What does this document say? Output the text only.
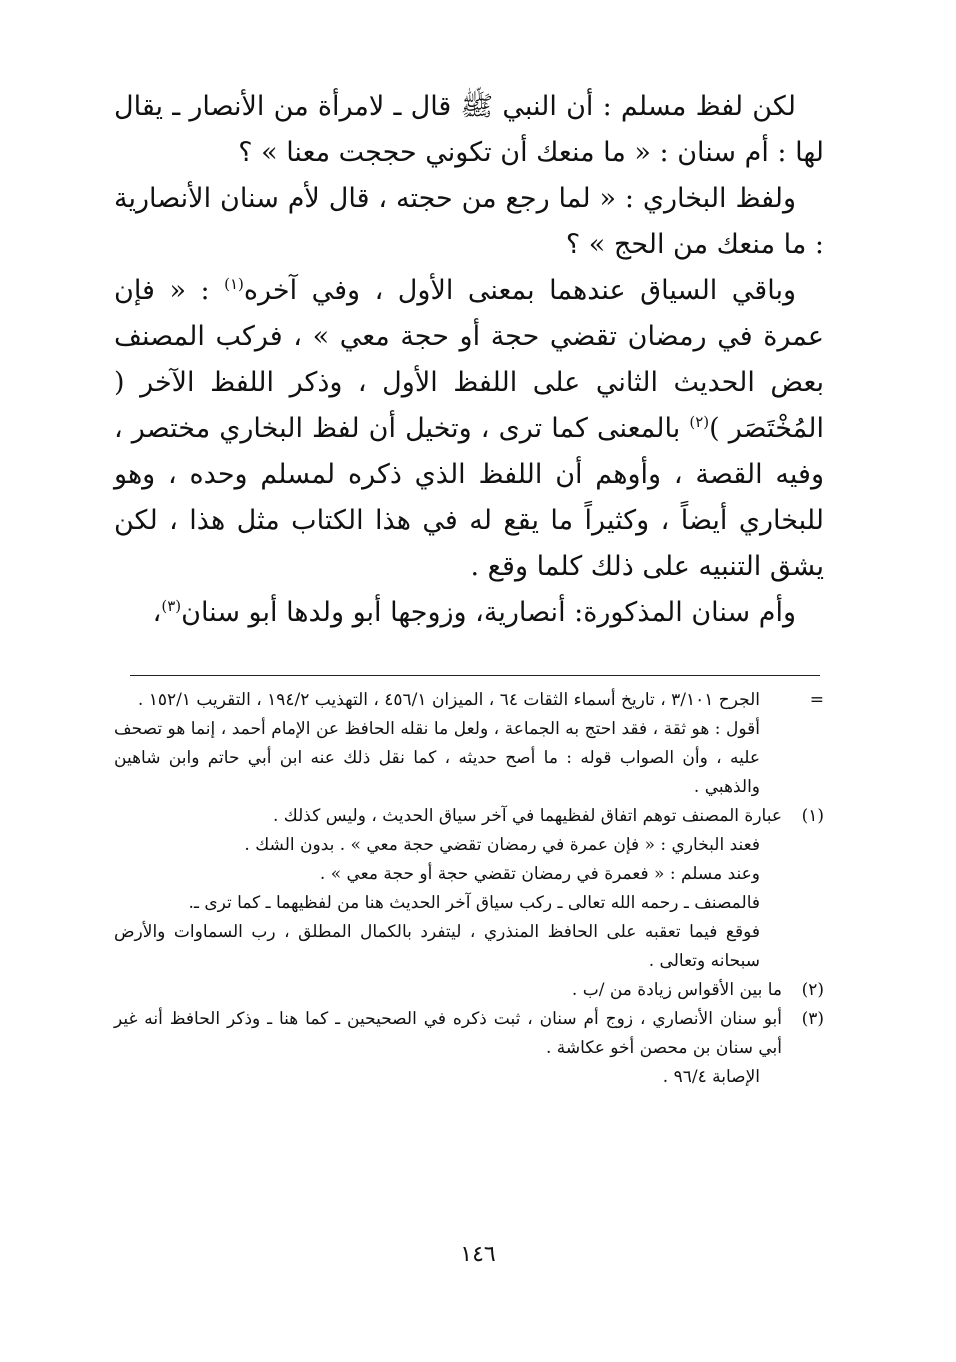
لكن لفظ مسلم : أن النبي ﷺ قال ـ لامرأة من الأنصار ـ يقال لها : أم سنان : « ما منعك أن تكوني حججت معنا » ؟

ولفظ البخاري : « لما رجع من حجته ، قال لأم سنان الأنصارية : ما منعك من الحج » ؟

وباقي السياق عندهما بمعنى الأول ، وفي آخره$^{(١)}$ : « فإن عمرة في رمضان تقضي حجة أو حجة معي » ، فركب المصنف بعض الحديث الثاني على اللفظ الأول ، وذكر اللفظ الآخر ( المُخْتَصَر )$^{(٢)}$ بالمعنى كما ترى ، وتخيل أن لفظ البخاري مختصر ، وفيه القصة ، وأوهم أن اللفظ الذي ذكره لمسلم وحده ، وهو للبخاري أيضاً ، وكثيراً ما يقع له في هذا الكتاب مثل هذا ، لكن يشق التنبيه على ذلك كلما وقع .

وأم سنان المذكورة: أنصارية، وزوجها أبو ولدها أبو سنان$^{(٣)}$،

=

الجرح ٣/١٠١ ، تاريخ أسماء الثقات ٦٤ ، الميزان ٤٥٦/١ ، التهذيب ١٩٤/٢ ، التقريب ١٥٢/١ .

أقول : هو ثقة ، فقد احتج به الجماعة ، ولعل ما نقله الحافظ عن الإمام أحمد ، إنما هو تصحف عليه ، وأن الصواب قوله : ما أصح حديثه ، كما نقل ذلك عنه ابن أبي حاتم وابن شاهين والذهبي .

(١)

عبارة المصنف توهم اتفاق لفظيهما في آخر سياق الحديث ، وليس كذلك .

فعند البخاري : « فإن عمرة في رمضان تقضي حجة معي » . بدون الشك .

وعند مسلم : « فعمرة في رمضان تقضي حجة أو حجة معي » .

فالمصنف ـ رحمه الله تعالى ـ ركب سياق آخر الحديث هنا من لفظيهما ـ كما ترى ـ.

فوقع فيما تعقبه على الحافظ المنذري ، ليتفرد بالكمال المطلق ، رب السماوات والأرض سبحانه وتعالى .

(٢)

ما بين الأقواس زيادة من /ب .

(٣)

أبو سنان الأنصاري ، زوج أم سنان ، ثبت ذكره في الصحيحين ـ كما هنا ـ وذكر الحافظ أنه غير أبي سنان بن محصن أخو عكاشة .

الإصابة ٩٦/٤ .

١٤٦
